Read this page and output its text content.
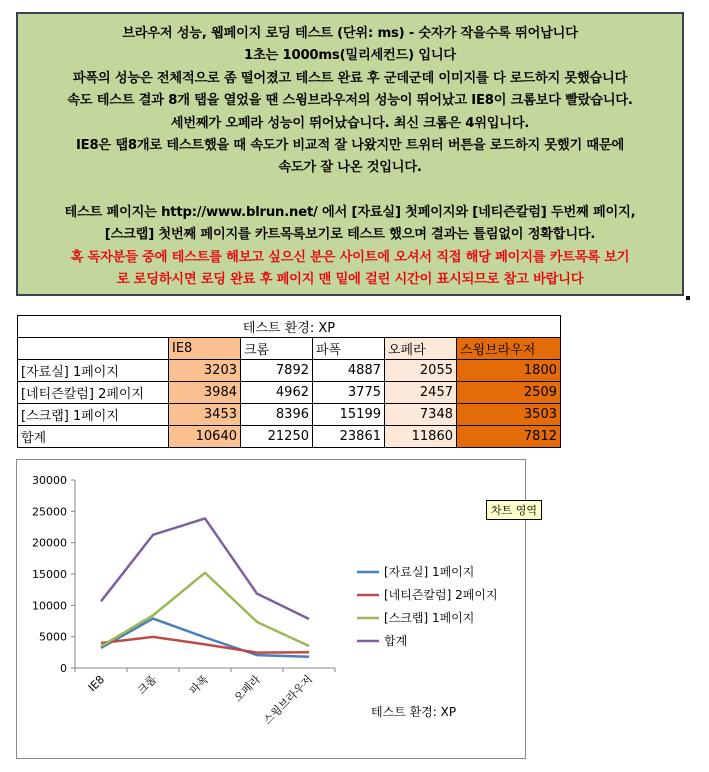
브라우저 성능, 웹페이지 로딩 테스트 (단위: ms) - 숫자가 작을수록 뛰어납니다
1초는 1000ms(밀리세컨드) 입니다
파폭의 성능은 전체적으로 좀 떨어졌고 테스트 완료 후 군데군데 이미지를 다 로드하지 못했습니다
속도 테스트 결과 8개 탭을 열었을 땐 스윙브라우저의 성능이 뛰어났고 IE8이 크롬보다 빨랐습니다.
세번째가 오페라 성능이 뛰어났습니다. 최신 크롬은 4위입니다.
IE8은 탭8개로 테스트했을 때 속도가 비교적 잘 나왔지만 트위터 버튼을 로드하지 못했기 때문에
속도가 잘 나온 것입니다.
테스트 페이지는 http://www.blrun.net/ 에서 [자료실] 첫페이지와 [네티즌칼럼] 두번째 페이지,
[스크랩] 첫번째 페이지를 카트목록보기로 테스트 했으며 결과는 틀림없이 정확합니다.
혹 독자분들 중에 테스트를 해보고 싶으신 분은 사이트에 오셔서 직접 해당 페이지를 카트목록 보기
로 로딩하시면 로딩 완료 후 페이지 맨 밑에 걸린 시간이 표시되므로 참고 바랍니다
테스트 환경: XP					
	IE8	크롬	파폭	오페라	스윙브라우저
[자료실] 1페이지	3203	7892	4887	2055	1800
[네티즌칼럼] 2페이지	3984	4962	3775	2457	2509
[스크랩] 1페이지	3453	8396	15199	7348	3503
합계	10640	21250	23861	11860	7812
0
5000
10000
15000
20000
25000
30000
IE8	크롬	파폭 오페라
스윙브라우저
[자료실] 1페이지
[네티즌칼럼] 2페이지
[스크랩] 1페이지
합계
테스트 환경: XP
차트 영역
